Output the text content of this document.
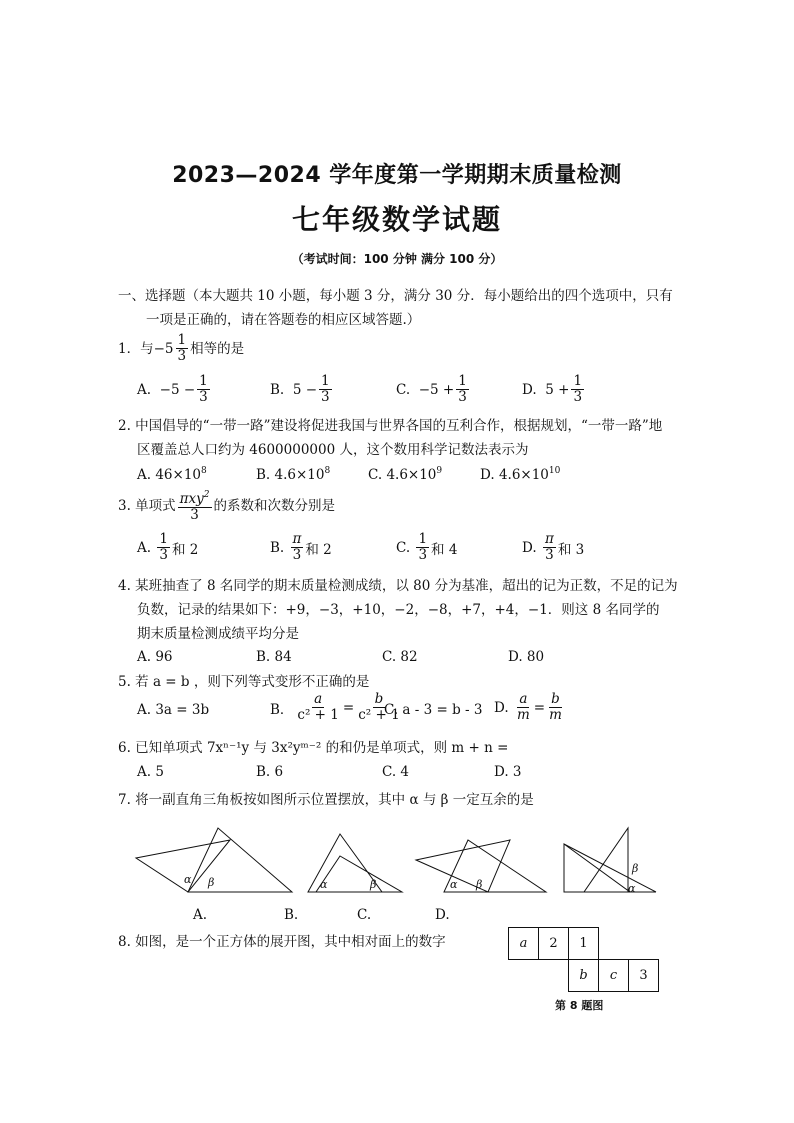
2023—2024 学年度第一学期期末质量检测
七年级数学试题
（考试时间：100 分钟 满分 100 分）
一、选择题（本大题共 10 小题，每小题 3 分，满分 30 分．每小题给出的四个选项中，只有
一项是正确的，请在答题卷的相应区域答题.）
1．与 $-5 \frac{1}{3}$ 相等的是
A.
$-5 - \frac{1}{3}$	B.
$5 - \frac{1}{3}$	C.
$-5 + \frac{1}{3}$	D.
$5 + \frac{1}{3}$
2. 中国倡导的“一带一路”建设将促进我国与世界各国的互利合作，根据规划，“一带一路”地
区覆盖总人口约为 4600000000 人，这个数用科学记数法表示为
A. $46\times 10^8$	B. $4.6\times 10^8$	C. $4.6\times 10^9$	D. $4.6\times 10^{10}$
3. 单项式 $\frac{\pi xy^2}{3}$ 的系数和次数分别是
A.
$\frac{1}{3}$ 和 2	B.
$\frac{\pi}{3}$ 和 2	C.
$\frac{1}{3}$ 和 4	D.
$\frac{\pi}{3}$ 和 3
4. 某班抽查了 8 名同学的期末质量检测成绩，以 80 分为基准，超出的记为正数，不足的记为
负数，记录的结果如下：+9，−3，+10，−2，−8，+7，+4，−1．则这 8 名同学的
期末质量检测成绩平均分是
A. 96	B. 84	C. 82	D. 80
5. 若 a = b ，则下列等式变形不正确的是
A. 3a = 3b	B． $\frac{a}{\text{c² + 1}} = \frac{b}{\text{c² + 1}}$
C. a - 3 = b - 3 D.
$\frac{a}{m} = \frac{b}{m}$
6. 已知单项式 7xⁿ⁻¹y 与 3x²yᵐ⁻² 的和仍是单项式，则 m + n =
A. 5	B. 6	C. 4	D. 3
7. 将一副直角三角板按如图所示位置摆放，其中 α 与 β 一定互余的是
α β	α	β	α β
β
α
A.	B.	C.	D.
8. 如图，是一个正方体的展开图，其中相对面上的数字	a	2	1		
		b	c	3
第 8 题图
